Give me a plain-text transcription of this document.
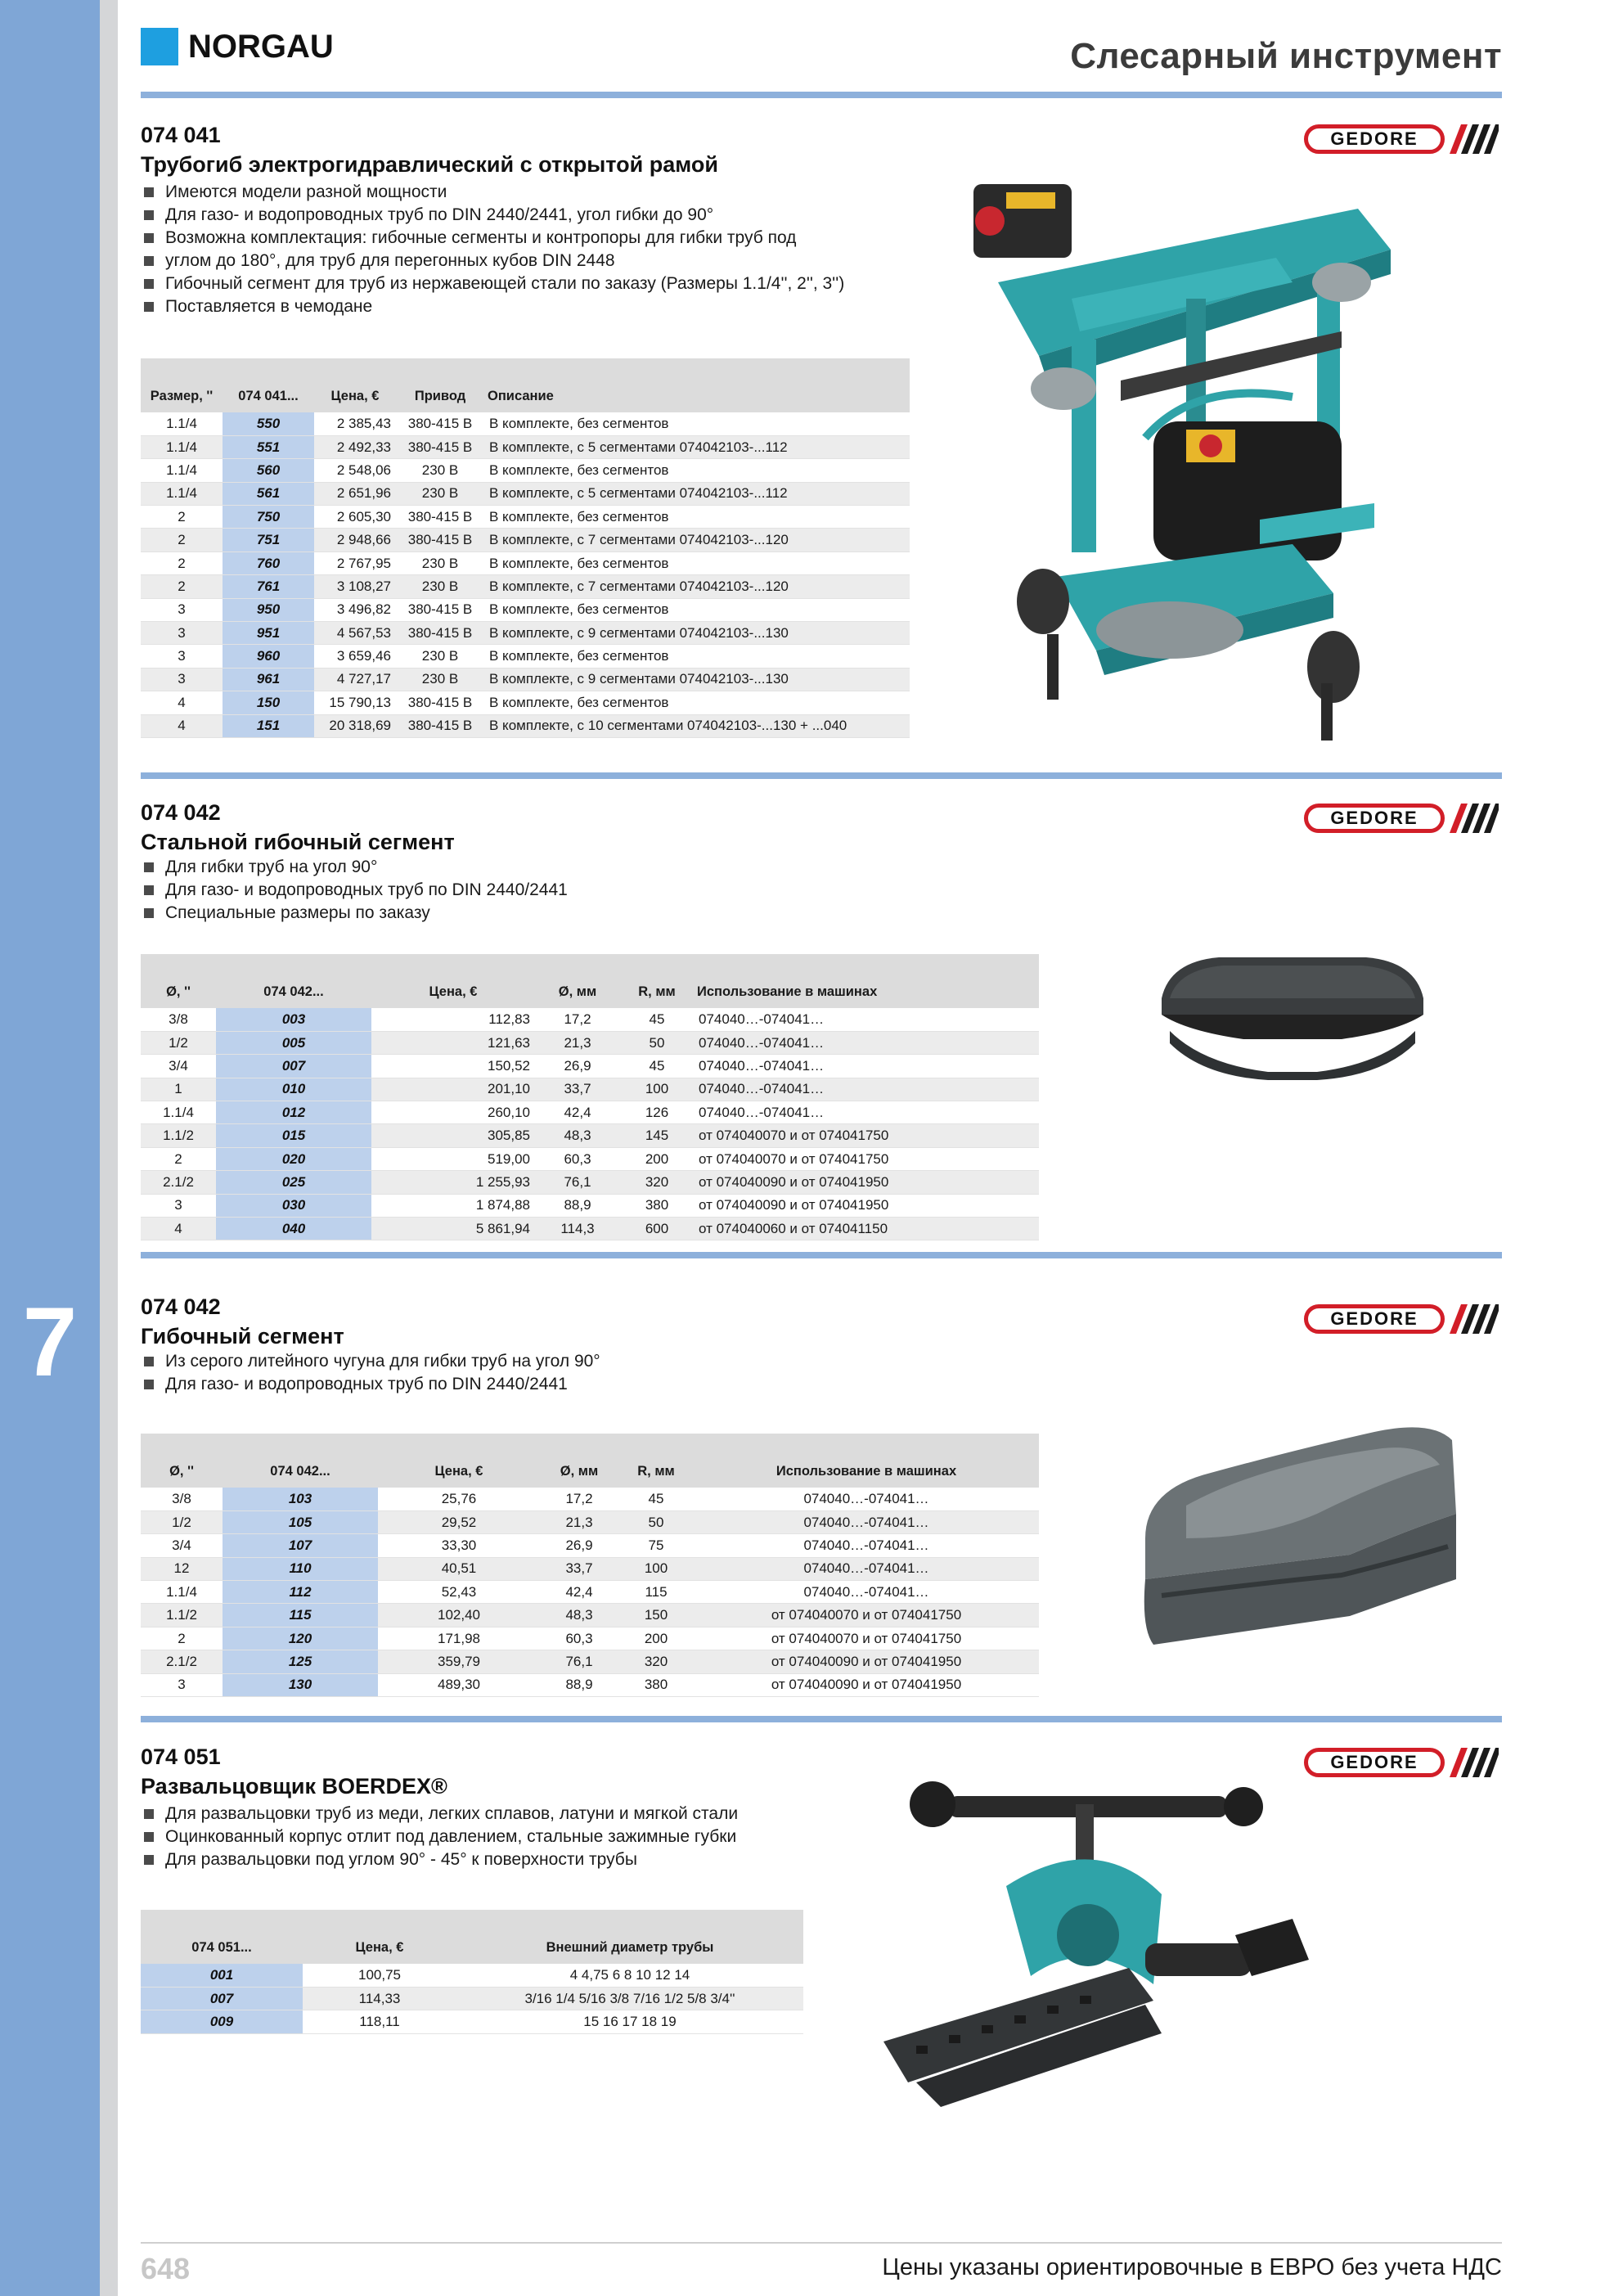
7
NORGAU	Слесарный инструмент
074 041
Трубогиб электрогидравлический с открытой рамой
GEDORE
Имеются модели разной мощности
Для газо- и водопроводных труб по DIN 2440/2441, угол гибки до 90°
Возможна комплектация: гибочные сегменты и контропоры для гибки труб под
углом до 180°, для труб для перегонных кубов DIN 2448
Гибочный сегмент для труб из нержавеющей стали по заказу (Размеры 1.1/4'', 2'', 3'')
Поставляется в чемодане
Размер, ''	074 041...	Цена, €	Привод	Описание
1.1/4	550	2 385,43	380-415 В	В комплекте, без сегментов
1.1/4	551	2 492,33	380-415 В	В комплекте, с 5 сегментами 074042103-...112
1.1/4	560	2 548,06	230 В	В комплекте, без сегментов
1.1/4	561	2 651,96	230 В	В комплекте, с 5 сегментами 074042103-...112
2	750	2 605,30	380-415 В	В комплекте, без сегментов
2	751	2 948,66	380-415 В	В комплекте, с 7 сегментами 074042103-...120
2	760	2 767,95	230 В	В комплекте, без сегментов
2	761	3 108,27	230 В	В комплекте, с 7 сегментами 074042103-...120
3	950	3 496,82	380-415 В	В комплекте, без сегментов
3	951	4 567,53	380-415 В	В комплекте, с 9 сегментами 074042103-...130
3	960	3 659,46	230 В	В комплекте, без сегментов
3	961	4 727,17	230 В	В комплекте, с 9 сегментами 074042103-...130
4	150	15 790,13	380-415 В	В комплекте, без сегментов
4	151	20 318,69	380-415 В	В комплекте, с 10 сегментами 074042103-...130 + ...040
074 042
Стальной гибочный сегмент
GEDORE
Для гибки труб на угол 90°
Для газо- и водопроводных труб по DIN 2440/2441
Специальные размеры по заказу
Ø, ''	074 042...	Цена, €	Ø, мм	R, мм	Использование в машинах
3/8	003	112,83	17,2	45	074040…-074041…
1/2	005	121,63	21,3	50	074040…-074041…
3/4	007	150,52	26,9	45	074040…-074041…
1	010	201,10	33,7	100	074040…-074041…
1.1/4	012	260,10	42,4	126	074040…-074041…
1.1/2	015	305,85	48,3	145	от 074040070 и от 074041750
2	020	519,00	60,3	200	от 074040070 и от 074041750
2.1/2	025	1 255,93	76,1	320	от 074040090 и от 074041950
3	030	1 874,88	88,9	380	от 074040090 и от 074041950
4	040	5 861,94	114,3	600	от 074040060 и от 074041150
074 042
Гибочный сегмент
GEDORE
Из серого литейного чугуна для гибки труб на угол 90°
Для газо- и водопроводных труб по DIN 2440/2441
Ø, ''	074 042...	Цена, €	Ø, мм	R, мм	Использование в машинах
3/8	103	25,76	17,2	45	074040…-074041…
1/2	105	29,52	21,3	50	074040…-074041…
3/4	107	33,30	26,9	75	074040…-074041…
12	110	40,51	33,7	100	074040…-074041…
1.1/4	112	52,43	42,4	115	074040…-074041…
1.1/2	115	102,40	48,3	150	от 074040070 и от 074041750
2	120	171,98	60,3	200	от 074040070 и от 074041750
2.1/2	125	359,79	76,1	320	от 074040090 и от 074041950
3	130	489,30	88,9	380	от 074040090 и от 074041950
074 051
Развальцовщик BOERDEX®
GEDORE
Для развальцовки труб из меди, легких сплавов, латуни и мягкой стали
Оцинкованный корпус отлит под давлением, стальные зажимные губки
Для развальцовки под углом 90° - 45° к поверхности трубы
074 051...	Цена, €	Внешний диаметр трубы
001	100,75	4 4,75 6 8 10 12 14
007	114,33	3/16 1/4 5/16 3/8 7/16 1/2 5/8 3/4''
009	118,11	15 16 17 18 19
648	Цены указаны ориентировочные в ЕВРО без учета НДС
